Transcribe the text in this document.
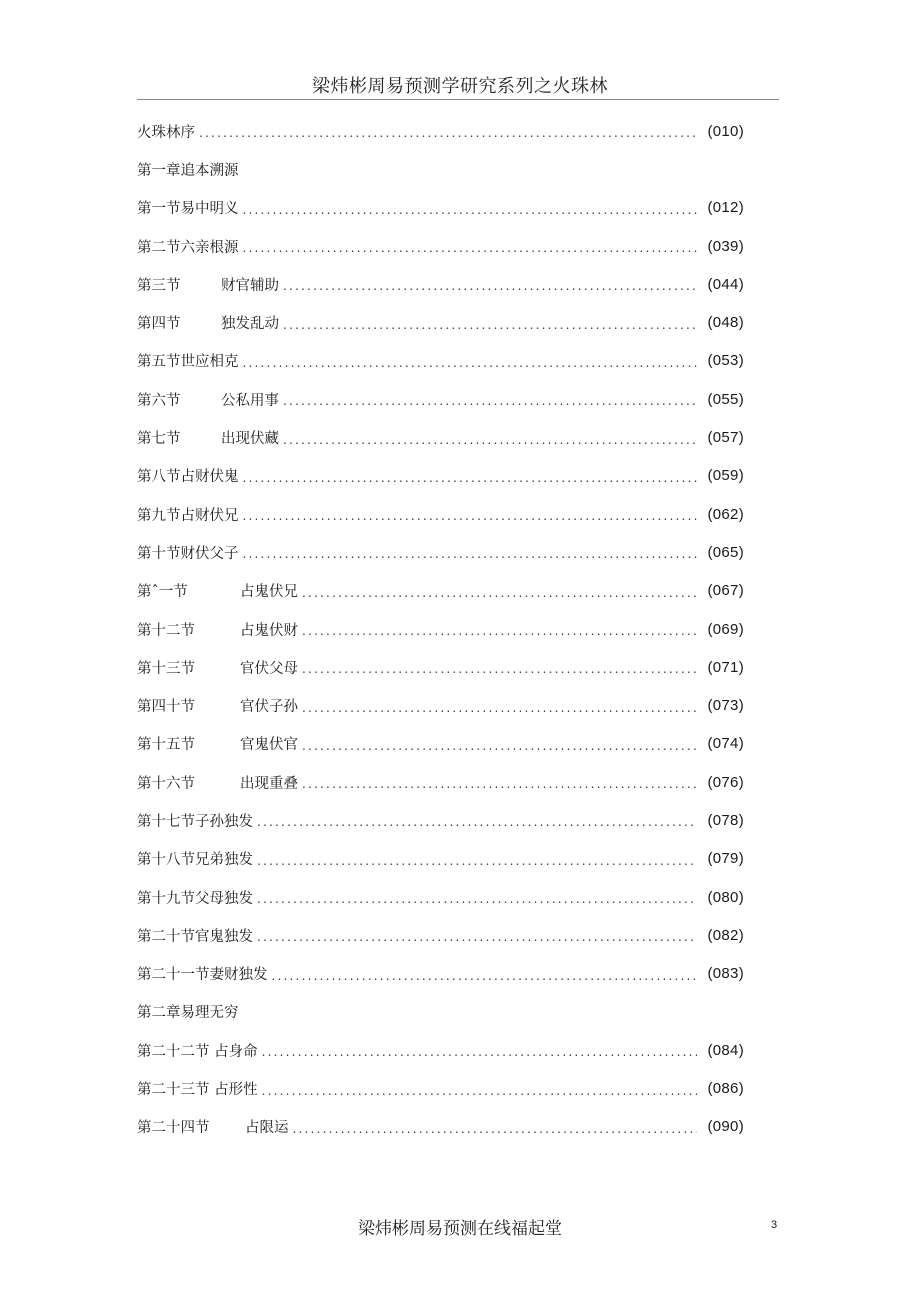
梁炜彬周易预测学研究系列之火珠林
火珠林序 .....	(010)
第一章追本溯源
第一节易中明义 .....	(012)
第二节六亲根源 .....	(039)
第三节	财官辅助 .....	(044)
第四节	独发乱动 .....	(048)
第五节世应相克 .....	(053)
第六节	公私用事 .....	(055)
第七节	出现伏藏 .....	(057)
第八节占财伏鬼 .....	(059)
第九节占财伏兄 .....	(062)
第十节财伏父子 .....	(065)
第ˆ一节	占鬼伏兄 .....	(067)
第十二节	占鬼伏财 .....	(069)
第十三节	官伏父母 .....	(071)
第四十节	官伏子孙 .....	(073)
第十五节	官鬼伏官 .....	(074)
第十六节	出现重叠 .....	(076)
第十七节子孙独发 .....	(078)
第十八节兄弟独发 .....	(079)
第十九节父母独发 .....	(080)
第二十节官鬼独发 .....	(082)
第二十一节妻财独发 .....	(083)
第二章易理无穷
第二十二节 占身命 .....	(084)
第二十三节 占形性 .....	(086)
第二十四节	占限运 .....	(090)
梁炜彬周易预测在线福起堂	3
